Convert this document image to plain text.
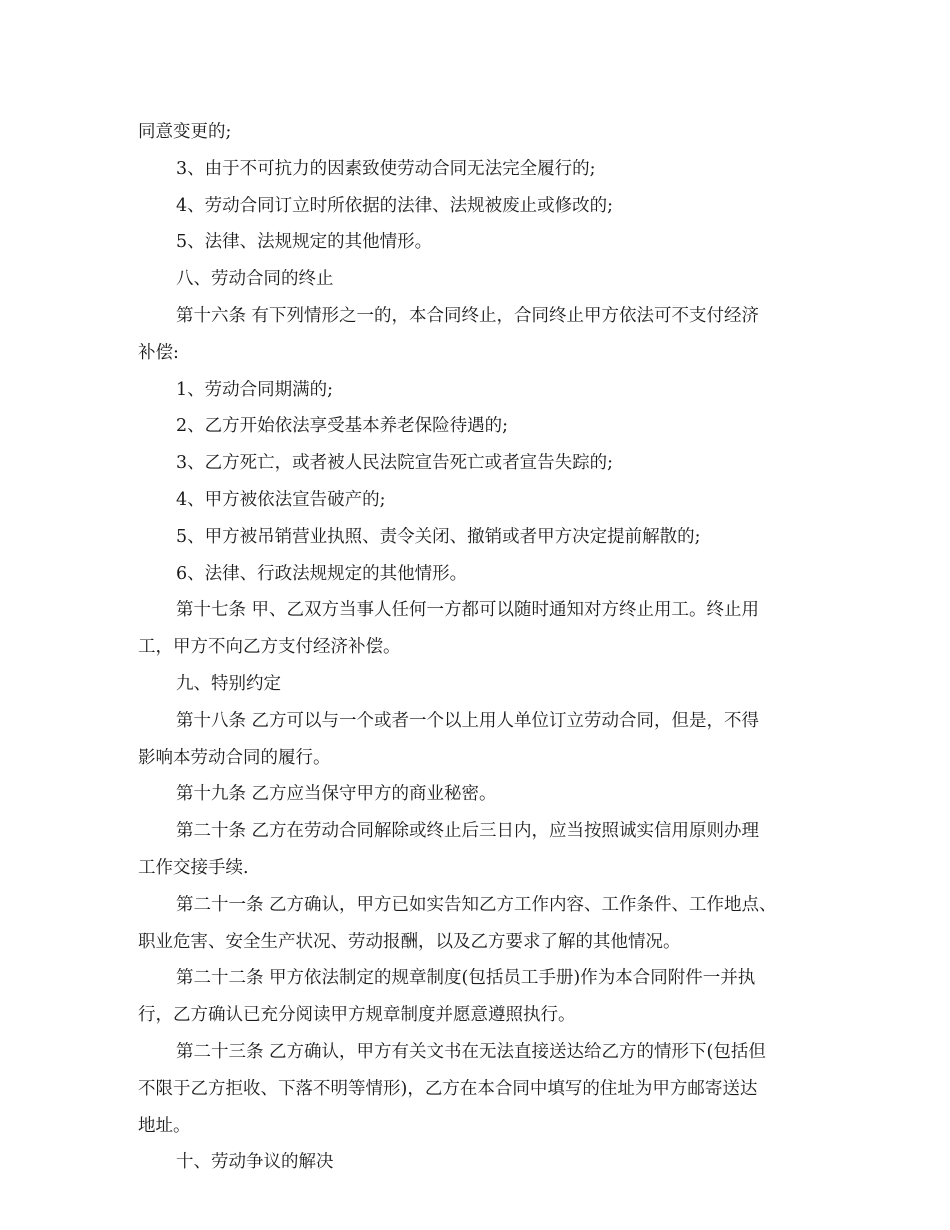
同意变更的;
3、由于不可抗力的因素致使劳动合同无法完全履行的;
4、劳动合同订立时所依据的法律、法规被废止或修改的;
5、法律、法规规定的其他情形。
八、劳动合同的终止
第十六条 有下列情形之一的，本合同终止，合同终止甲方依法可不支付经济
补偿:
1、劳动合同期满的;
2、乙方开始依法享受基本养老保险待遇的;
3、乙方死亡，或者被人民法院宣告死亡或者宣告失踪的;
4、甲方被依法宣告破产的;
5、甲方被吊销营业执照、责令关闭、撤销或者甲方决定提前解散的;
6、法律、行政法规规定的其他情形。
第十七条 甲、乙双方当事人任何一方都可以随时通知对方终止用工。终止用
工，甲方不向乙方支付经济补偿。
九、特别约定
第十八条 乙方可以与一个或者一个以上用人单位订立劳动合同，但是，不得
影响本劳动合同的履行。
第十九条 乙方应当保守甲方的商业秘密。
第二十条 乙方在劳动合同解除或终止后三日内，应当按照诚实信用原则办理
工作交接手续.
第二十一条 乙方确认，甲方已如实告知乙方工作内容、工作条件、工作地点、
职业危害、安全生产状况、劳动报酬，以及乙方要求了解的其他情况。
第二十二条 甲方依法制定的规章制度(包括员工手册)作为本合同附件一并执
行，乙方确认已充分阅读甲方规章制度并愿意遵照执行。
第二十三条 乙方确认，甲方有关文书在无法直接送达给乙方的情形下(包括但
不限于乙方拒收、下落不明等情形)，乙方在本合同中填写的住址为甲方邮寄送达
地址。
十、劳动争议的解决
